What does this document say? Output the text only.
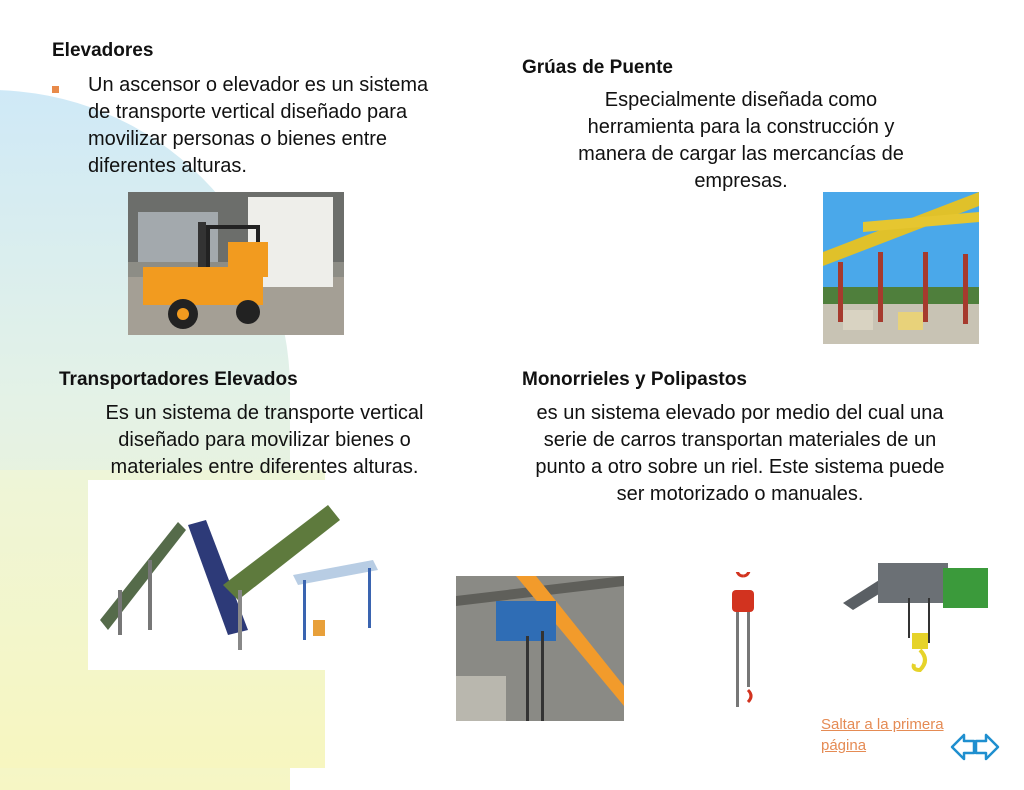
Elevadores
Un ascensor o elevador es un sistema de transporte vertical diseñado para movilizar personas o bienes entre diferentes alturas.
Grúas de Puente
Especialmente diseñada como herramienta para la construcción y manera de cargar las mercancías de empresas.
Transportadores Elevados
Es un sistema de transporte vertical diseñado para movilizar bienes o materiales entre diferentes alturas.
Monorrieles y Polipastos
es un sistema elevado por medio del cual una serie de carros transportan materiales de un punto a otro sobre un riel. Este sistema puede ser motorizado o manuales.
Saltar a la primera página
